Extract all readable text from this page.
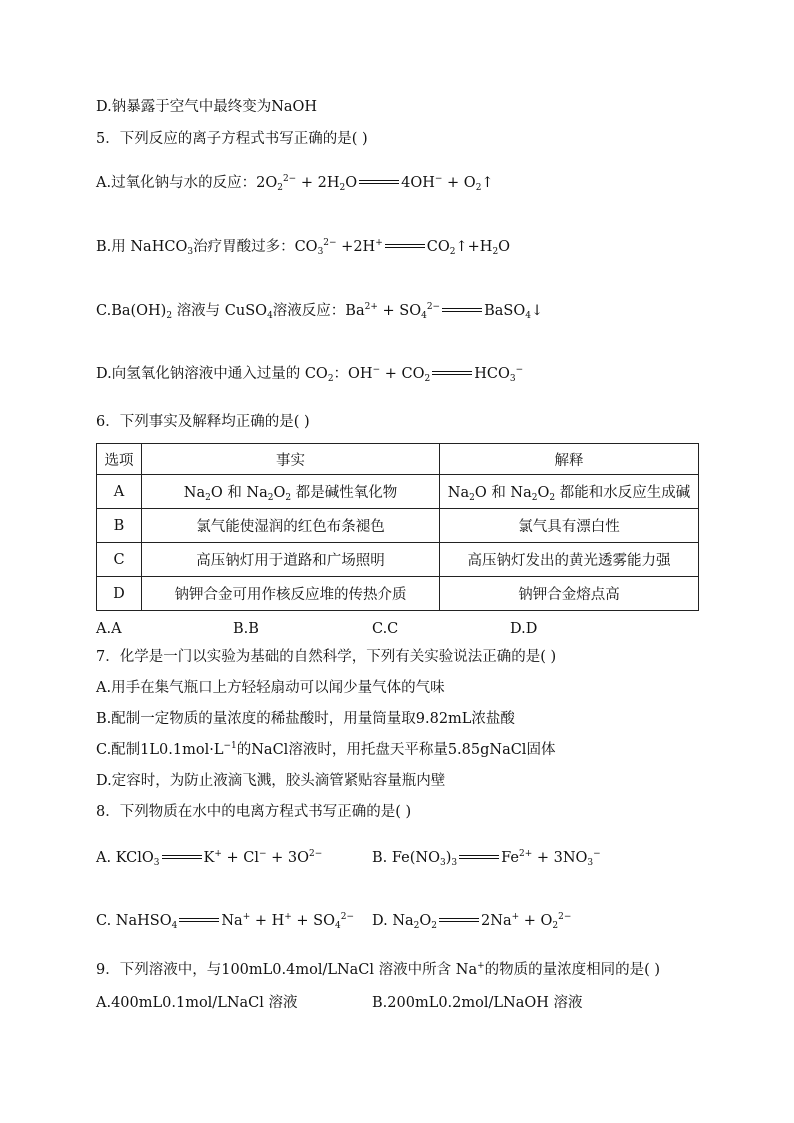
D.钠暴露于空气中最终变为NaOH
5．下列反应的离子方程式书写正确的是( )
A.过氧化钠与水的反应：$2O_2^{2-} + 2H_2O$	$4OH^- + O_2↑$
B.用 NaHCO$_3$治疗胃酸过多：$CO_3^{2-} +2H^+$	$CO_2↑+H_2O$
$C.Ba(OH)_2$ 溶液与 CuSO$_4$溶液反应：$Ba^{2+} + SO_4^{2-}$	BaSO$_4$↓
D.向氢氧化钠溶液中通入过量的 $CO_2$：$OH^- + CO_2$	$HCO_3^-$
6．下列事实及解释均正确的是( )
选项	事实	解释
A	$Na_2O$ 和 $Na_2O_2$ 都是碱性氧化物	$Na_2O$ 和 $Na_2O_2$ 都能和水反应生成碱
B	氯气能使湿润的红色布条褪色	氯气具有漂白性
C	高压钠灯用于道路和广场照明	高压钠灯发出的黄光透雾能力强
D	钠钾合金可用作核反应堆的传热介质	钠钾合金熔点高
A.A	B.B	C.C	D.D
7．化学是一门以实验为基础的自然科学，下列有关实验说法正确的是( )
A.用手在集气瓶口上方轻轻扇动可以闻少量气体的气味
B.配制一定物质的量浓度的稀盐酸时，用量筒量取9.82mL浓盐酸
C.配制$1L0.1mol\cdot L^{-1}$的NaCl溶液时，用托盘天平称量5.85gNaCl固体
D.定容时，为防止液滴飞溅，胶头滴管紧贴容量瓶内壁
8．下列物质在水中的电离方程式书写正确的是( )
A. KClO$_3$	$K^+ + Cl^- + 3O^{2-}$	B. $Fe(NO_3)_3$	$Fe^{2+} + 3NO_3^-$
C. NaHSO$_4$	$Na^+ + H^+ + SO_4^{2-}$ D. $Na_2O_2$	$2Na^+ + O_2^{2-}$
9．下列溶液中，与100mL0.4mol/LNaCl 溶液中所含 Na+的物质的量浓度相同的是( )
A.400mL0.1mol/LNaCl 溶液	B.200mL0.2mol/LNaOH 溶液
